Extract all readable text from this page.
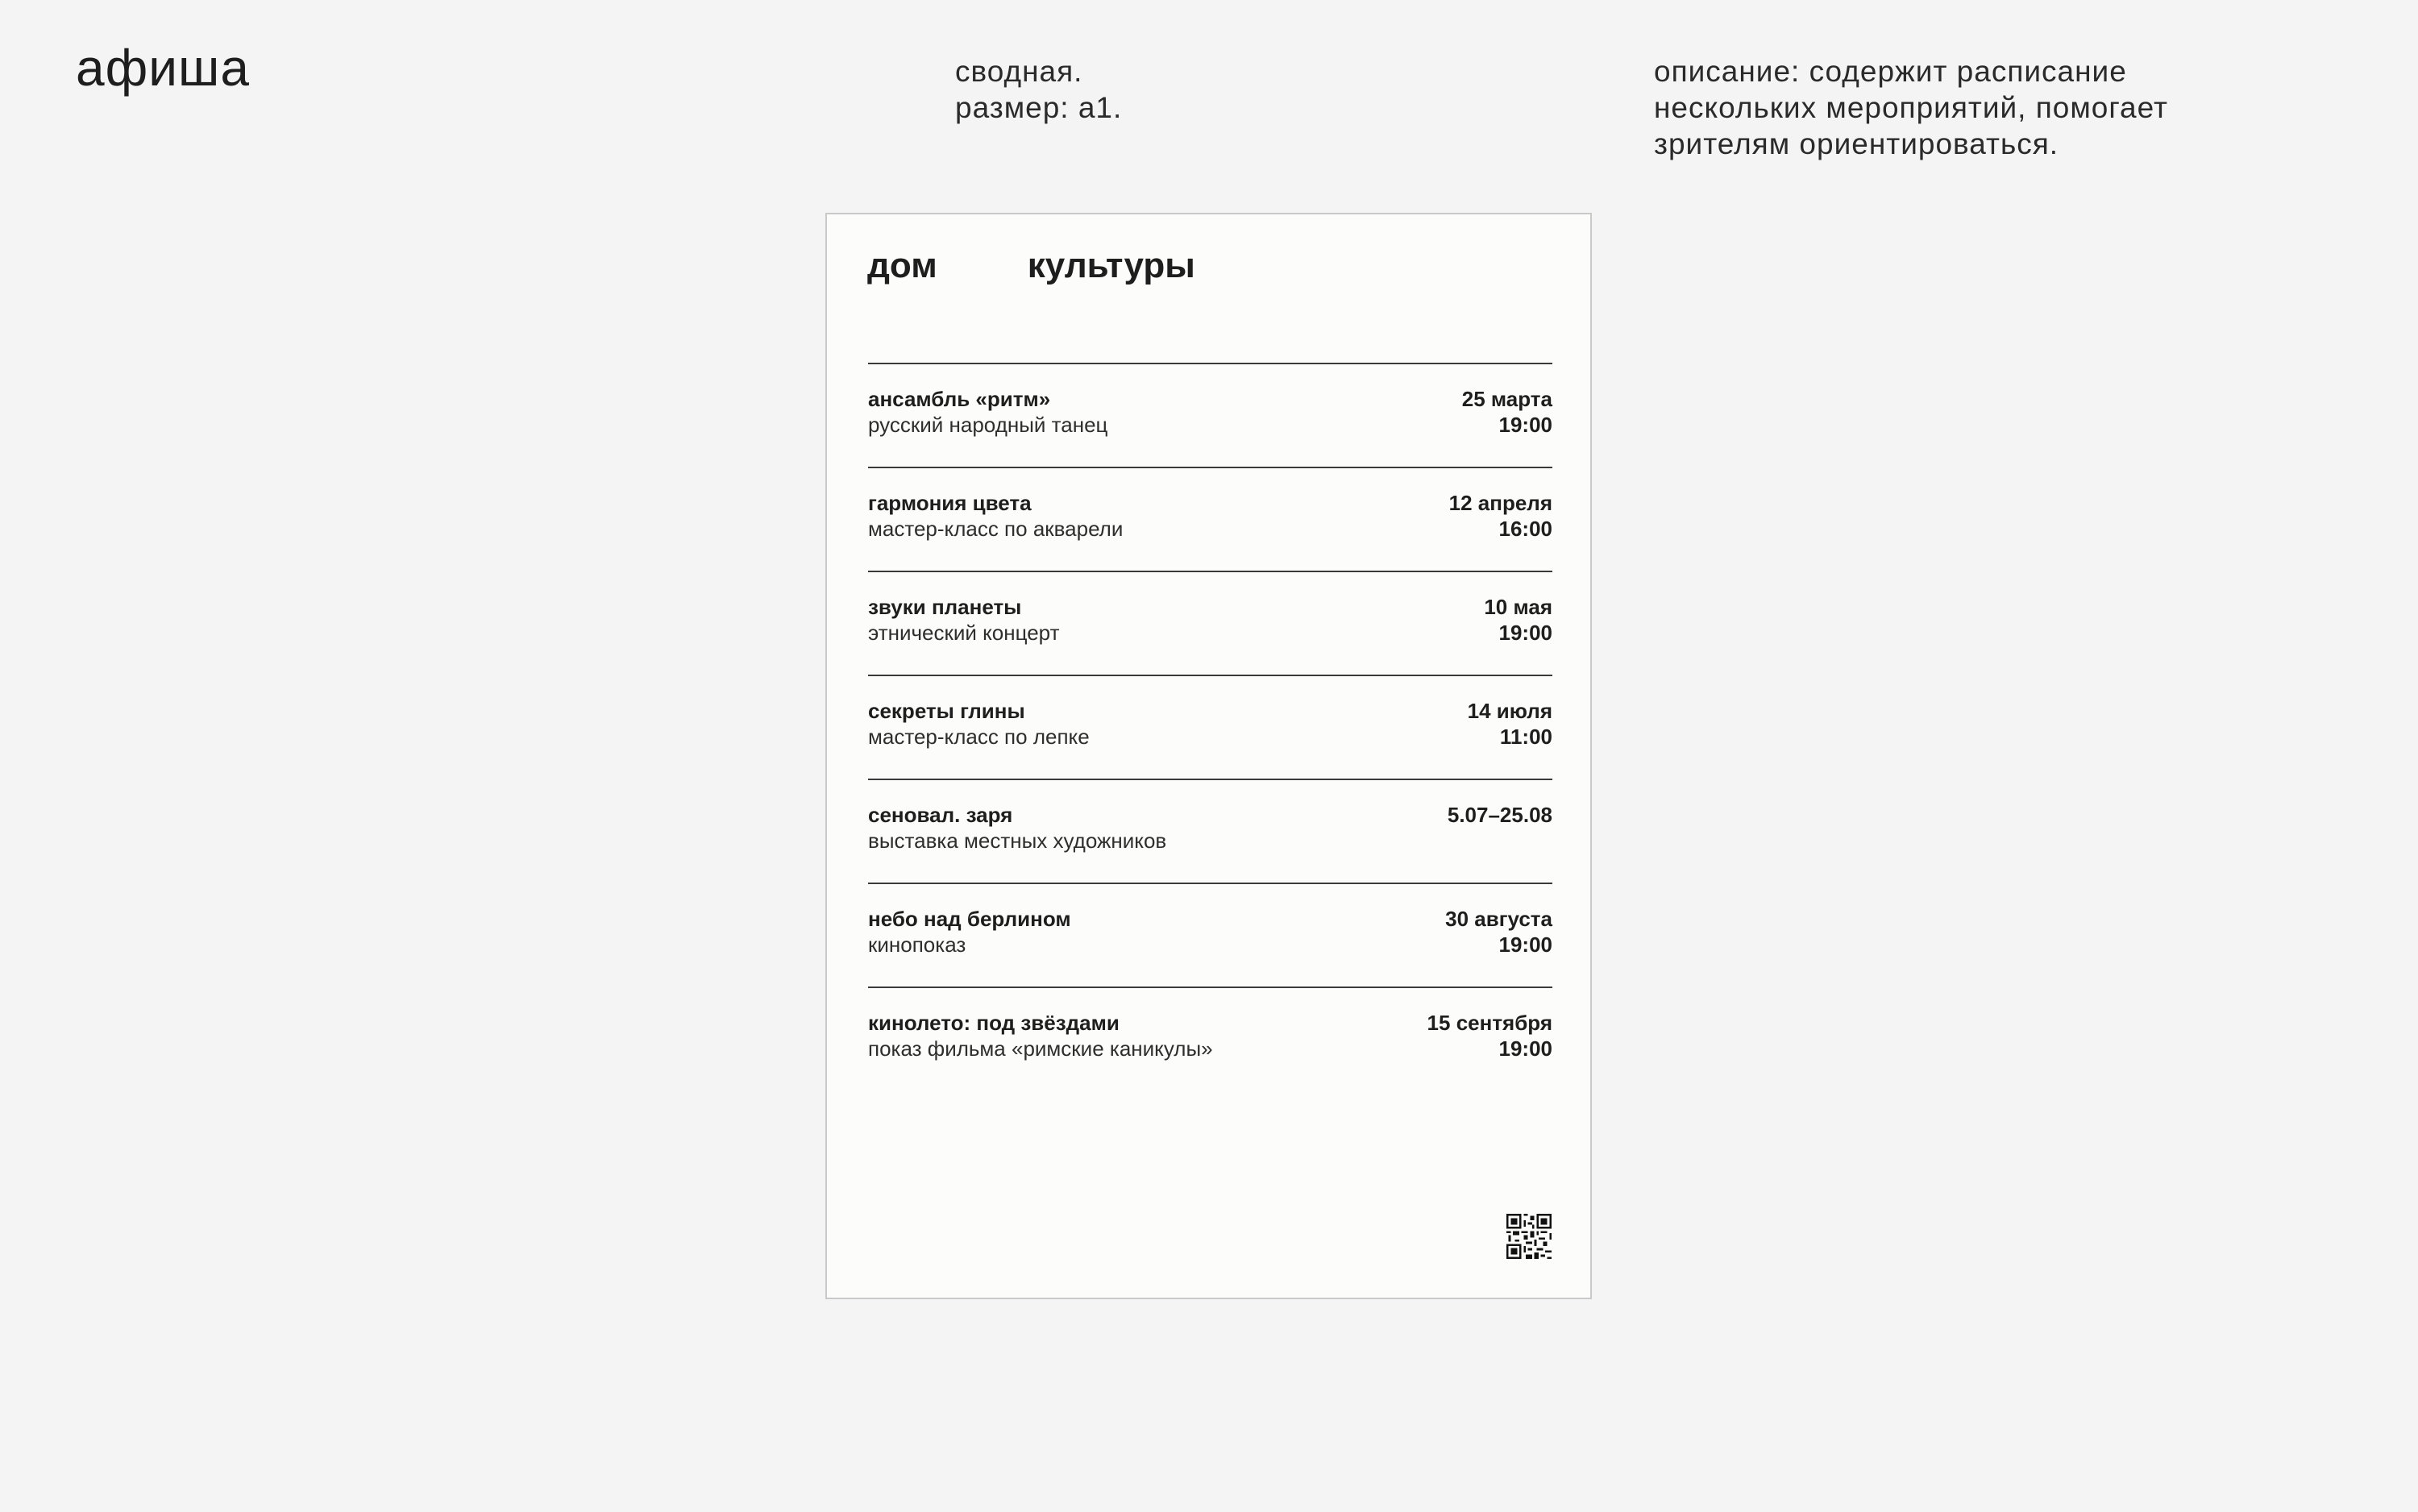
афиша	сводная.
размер: а1.
описание: содержит расписание
нескольких мероприятий, помогает
зрителям ориентироваться.
дом	культуры
ансамбль «ритм»
русский народный танец
25 марта
19:00
гармония цвета
мастер-класс по акварели
12 апреля
16:00
звуки планеты
этнический концерт
10 мая
19:00
секреты глины
мастер-класс по лепке
14 июля
11:00
сеновал. заря
выставка местных художников
5.07–25.08
небо над берлином
кинопоказ
30 августа
19:00
кинолето: под звёздами
показ фильма «римские каникулы»
15 сентября
19:00
